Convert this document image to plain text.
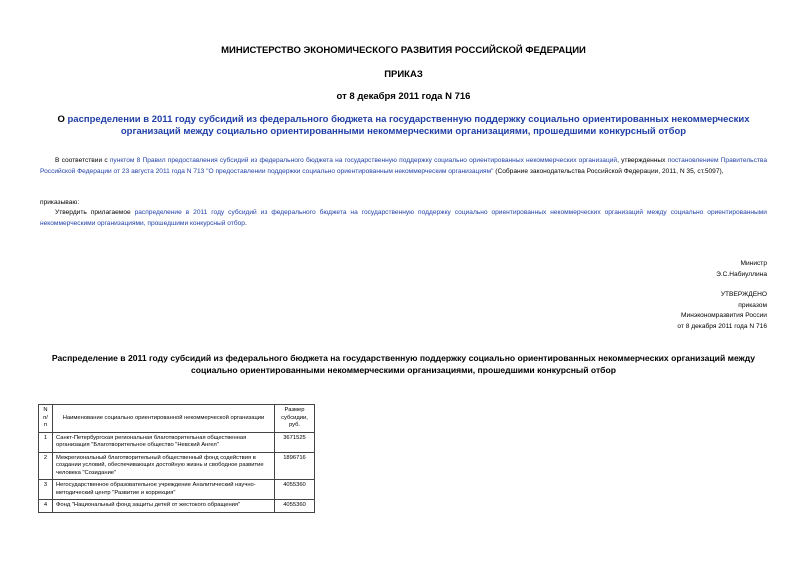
МИНИСТЕРСТВО ЭКОНОМИЧЕСКОГО РАЗВИТИЯ РОССИЙСКОЙ ФЕДЕРАЦИИ
ПРИКАЗ
от 8 декабря 2011 года N 716
О распределении в 2011 году субсидий из федерального бюджета на государственную поддержку социально ориентированных некоммерческих организаций между социально ориентированными некоммерческими организациями, прошедшими конкурсный отбор
В соответствии с пунктом 8 Правил предоставления субсидий из федерального бюджета на государственную поддержку социально ориентированных некоммерческих организаций, утвержденных постановлением Правительства Российской Федерации от 23 августа 2011 года N 713 "О предоставлении поддержки социально ориентированным некоммерческим организациям" (Собрание законодательства Российской Федерации, 2011, N 35, ст.5097),
приказываю:
Утвердить прилагаемое распределение в 2011 году субсидий из федерального бюджета на государственную поддержку социально ориентированных некоммерческих организаций между социально ориентированными некоммерческими организациями, прошедшими конкурсный отбор.
Министр
Э.С.Набиуллина
УТВЕРЖДЕНО
приказом
Минэкономразвития России
от 8 декабря 2011 года N 716
Распределение в 2011 году субсидий из федерального бюджета на государственную поддержку социально ориентированных некоммерческих организаций между социально ориентированными некоммерческими организациями, прошедшими конкурсный отбор
N п/п	Наименование социально ориентированной некоммерческой организации	Размер субсидии, руб.
1	Санкт-Петербургская региональная благотворительная общественная организация "Благотворительное общество "Невский Ангел"	3671525
2	Межрегиональный благотворительный общественный фонд содействия в создании условий, обеспечивающих достойную жизнь и свободное развитие человека "Созидание"	1896716
3	Негосударственное образовательное учреждение Аналитический научно-методический центр "Развитие и коррекция"	4055360
4	Фонд "Национальный фонд защиты детей от жестокого обращения"	4055360
